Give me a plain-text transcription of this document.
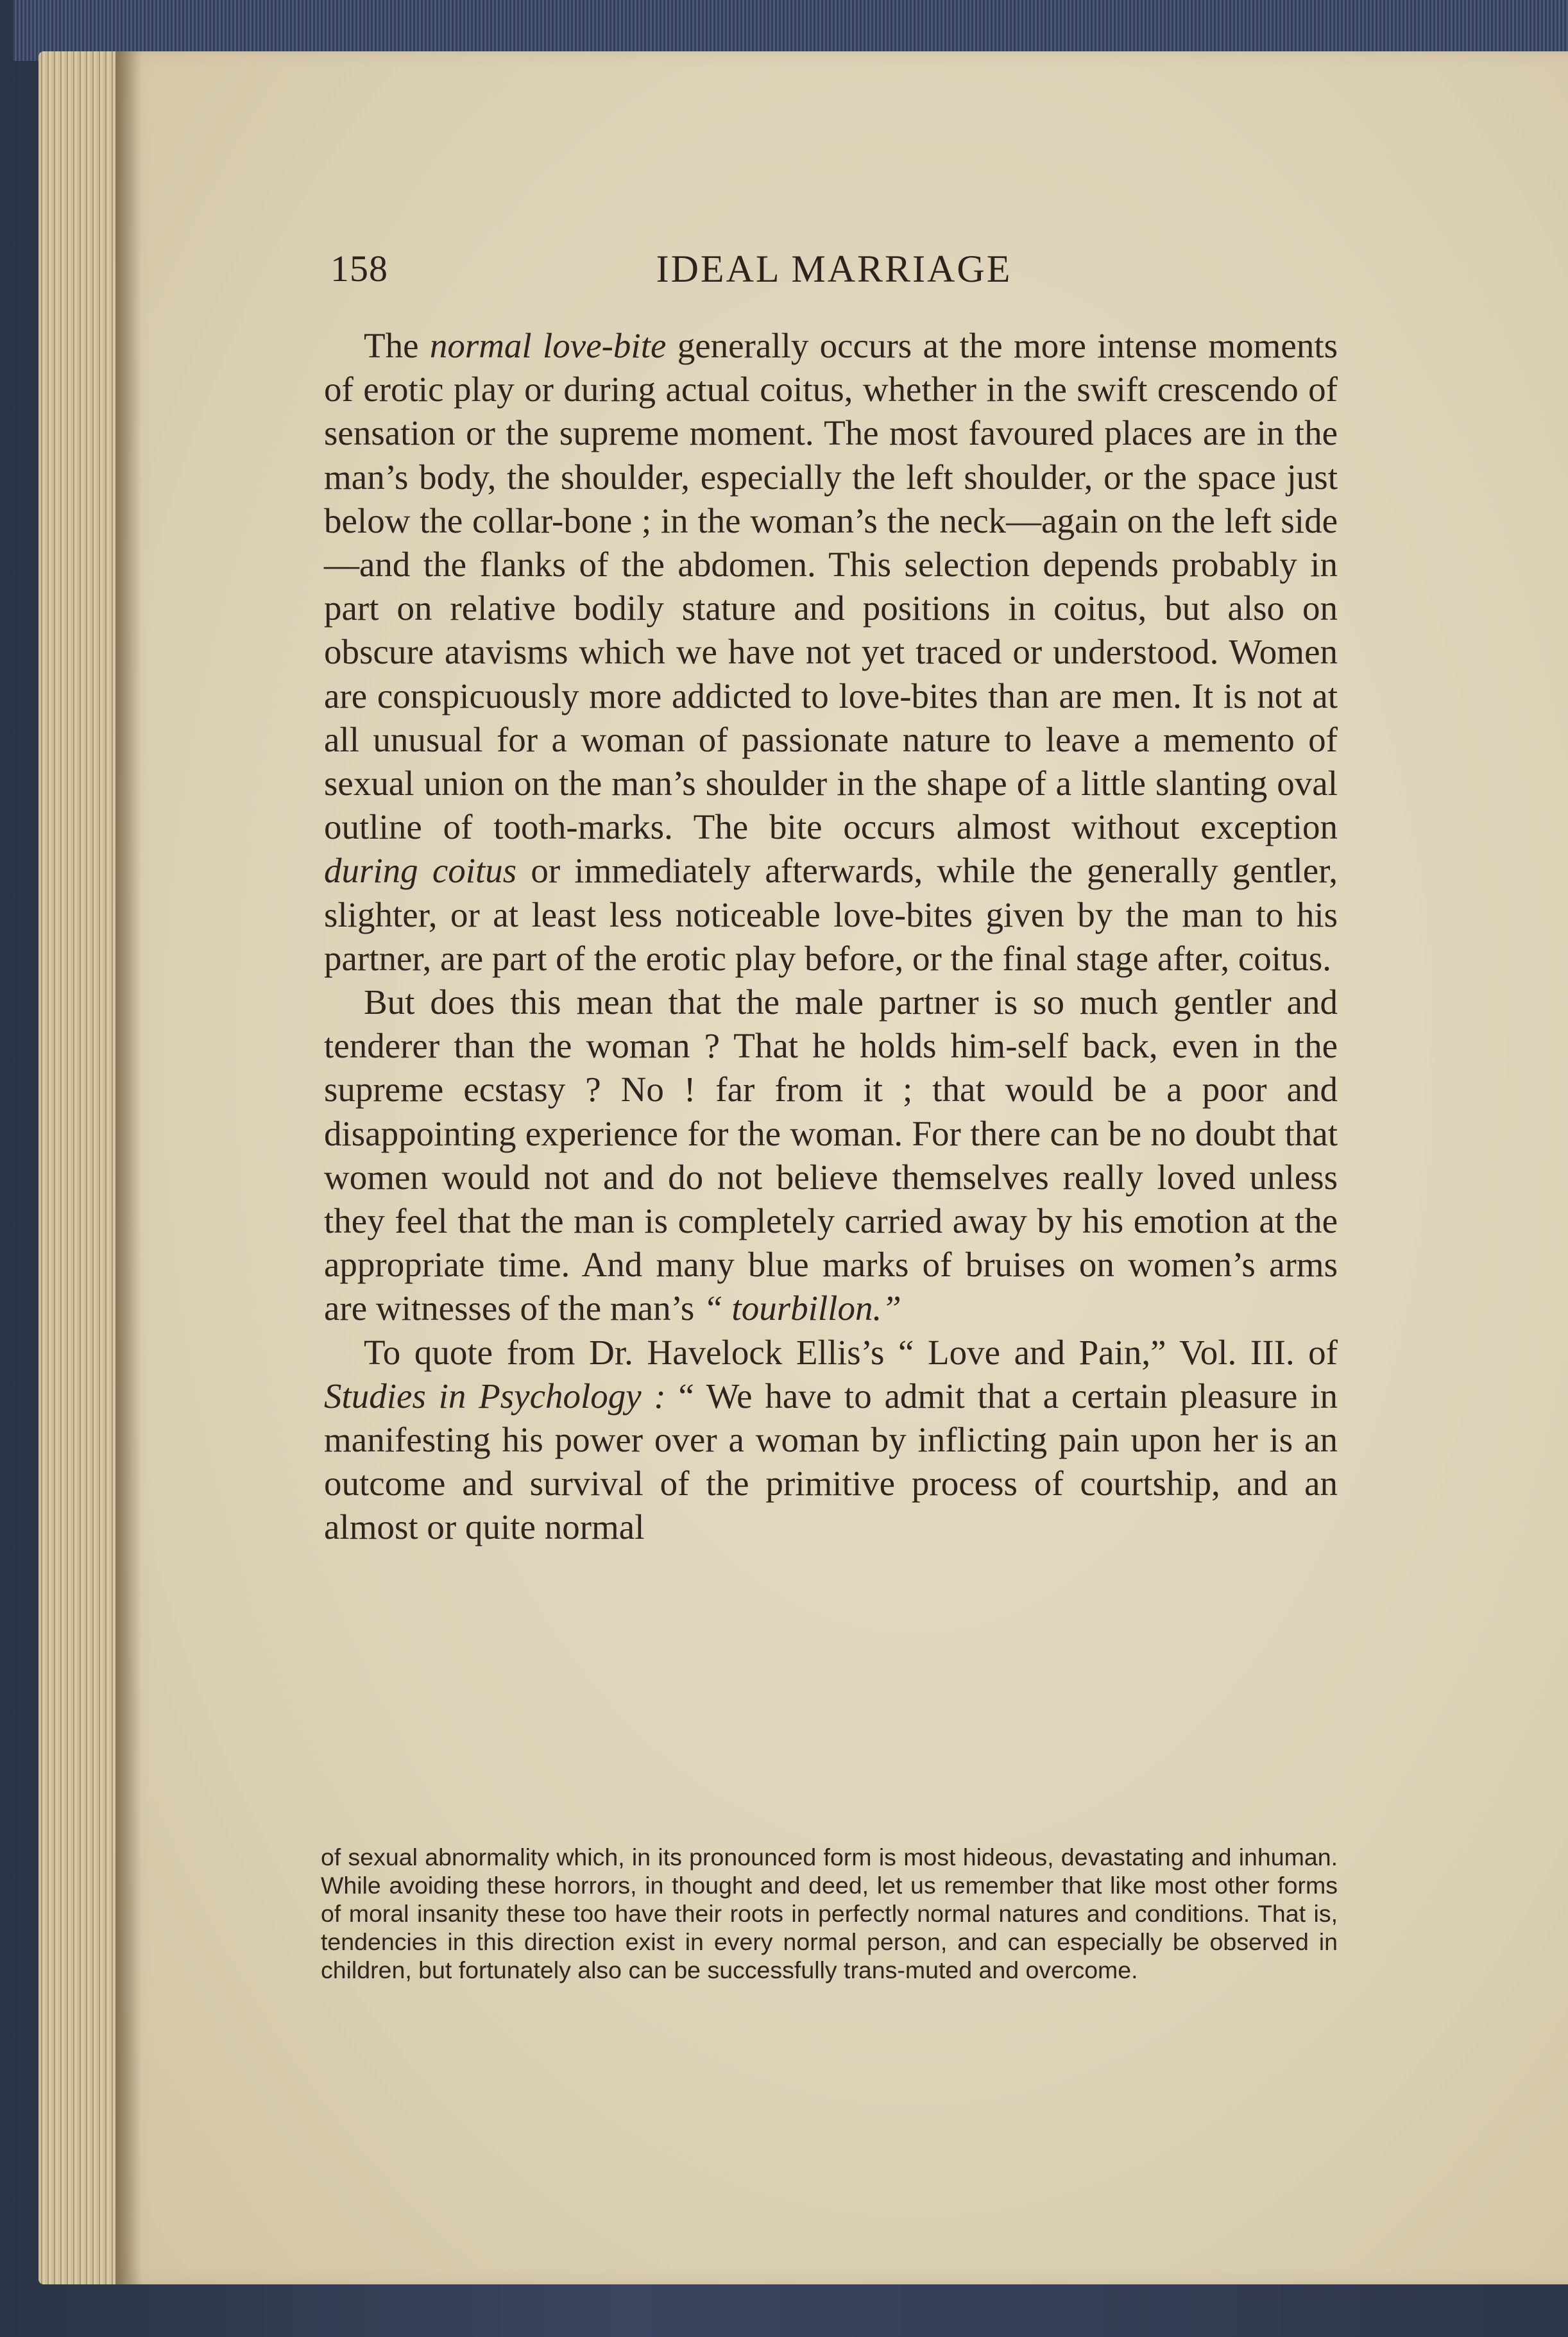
158	IDEAL MARRIAGE

The normal love-bite generally occurs at the more intense moments of erotic play or during actual coitus, whether in the swift crescendo of sensation or the supreme moment. The most favoured places are in the man’s body, the shoulder, especially the left shoulder, or the space just below the collar-bone ; in the woman’s the neck—again on the left side—and the flanks of the abdomen. This selection depends probably in part on relative bodily stature and positions in coitus, but also on obscure atavisms which we have not yet traced or understood. Women are conspicuously more addicted to love-bites than are men. It is not at all unusual for a woman of passionate nature to leave a memento of sexual union on the man’s shoulder in the shape of a little slanting oval outline of tooth-marks. The bite occurs almost without exception during coitus or immediately afterwards, while the generally gentler, slighter, or at least less noticeable love-bites given by the man to his partner, are part of the erotic play before, or the final stage after, coitus.

But does this mean that the male partner is so much gentler and tenderer than the woman ? That he holds him-self back, even in the supreme ecstasy ? No ! far from it ; that would be a poor and disappointing experience for the woman. For there can be no doubt that women would not and do not believe themselves really loved unless they feel that the man is completely carried away by his emotion at the appropriate time. And many blue marks of bruises on women’s arms are witnesses of the man’s “ tourbillon.”

To quote from Dr. Havelock Ellis’s “ Love and Pain,” Vol. III. of Studies in Psychology : “ We have to admit that a certain pleasure in manifesting his power over a woman by inflicting pain upon her is an outcome and survival of the primitive process of courtship, and an almost or quite normal

of sexual abnormality which, in its pronounced form is most hideous, devastating and inhuman. While avoiding these horrors, in thought and deed, let us remember that like most other forms of moral insanity these too have their roots in perfectly normal natures and conditions. That is, tendencies in this direction exist in every normal person, and can especially be observed in children, but fortunately also can be successfully trans-muted and overcome.
